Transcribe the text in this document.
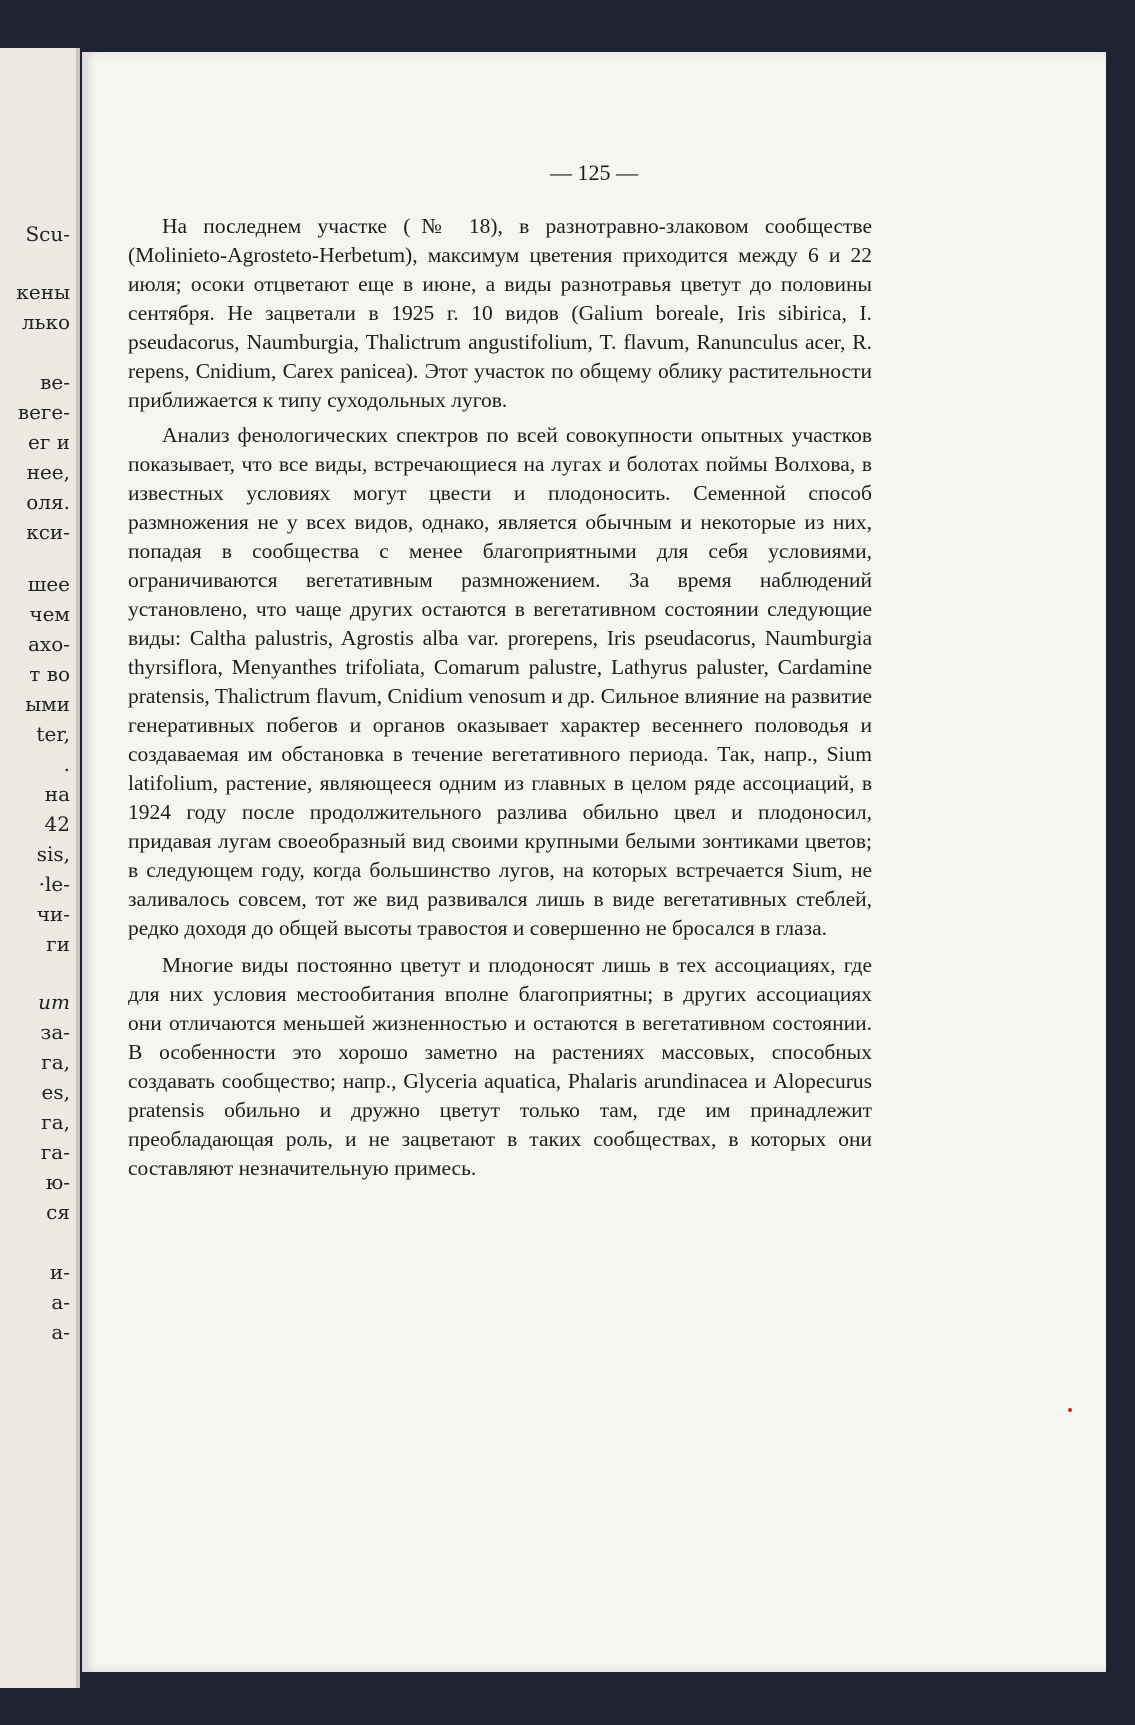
Scu-
кены
лько
ве-
веге-
ег и
нее,
оля.
кси-
шее
чем
ахо-
т во
ыми
ter,
.
на
42
sis,
·le-
чи-
ги
um
за-
га,
es,
га,
га-
ю-
ся
и-
а-
а-
— 125 —

На последнем участке (№ 18), в разнотравно-злаковом сообществе (Molinieto-Agrosteto-Herbetum), максимум цветения приходится между 6 и 22 июля; осоки отцветают еще в июне, а виды разнотравья цветут до половины сентября. Не зацветали в 1925 г. 10 видов (Galium boreale, Iris sibirica, I. pseudacorus, Naumburgia, Thalictrum angustifolium, T. flavum, Ranunculus acer, R. repens, Cnidium, Carex panicea). Этот участок по общему облику растительности приближается к типу суходольных лугов.

Анализ фенологических спектров по всей совокупности опытных участков показывает, что все виды, встречающиеся на лугах и болотах поймы Волхова, в известных условиях могут цвести и плодоносить. Семенной способ размножения не у всех видов, однако, является обычным и некоторые из них, попадая в сообщества с менее благоприятными для себя условиями, ограничиваются вегетативным размножением. За время наблюдений установлено, что чаще других остаются в вегетативном состоянии следующие виды: Caltha palustris, Agrostis alba var. prorepens, Iris pseudacorus, Naumburgia thyrsiflora, Menyanthes trifoliata, Comarum palustre, Lathyrus paluster, Cardamine pratensis, Thalictrum flavum, Cnidium venosum и др. Сильное влияние на развитие генеративных побегов и органов оказывает характер весеннего половодья и создаваемая им обстановка в течение вегетативного периода. Так, напр., Sium latifolium, растение, являющееся одним из главных в целом ряде ассоциаций, в 1924 году после продолжительного разлива обильно цвел и плодоносил, придавая лугам своеобразный вид своими крупными белыми зонтиками цветов; в следующем году, когда большинство лугов, на которых встречается Sium, не заливалось совсем, тот же вид развивался лишь в виде вегетативных стеблей, редко доходя до общей высоты травостоя и совершенно не бросался в глаза.

Многие виды постоянно цветут и плодоносят лишь в тех ассоциациях, где для них условия местообитания вполне благоприятны; в других ассоциациях они отличаются меньшей жизненностью и остаются в вегетативном состоянии. В особенности это хорошо заметно на растениях массовых, способных создавать сообщество; напр., Glyceria aquatica, Phalaris arundinacea и Alopecurus pratensis обильно и дружно цветут только там, где им принадлежит преобладающая роль, и не зацветают в таких сообществах, в которых они составляют незначительную примесь.
